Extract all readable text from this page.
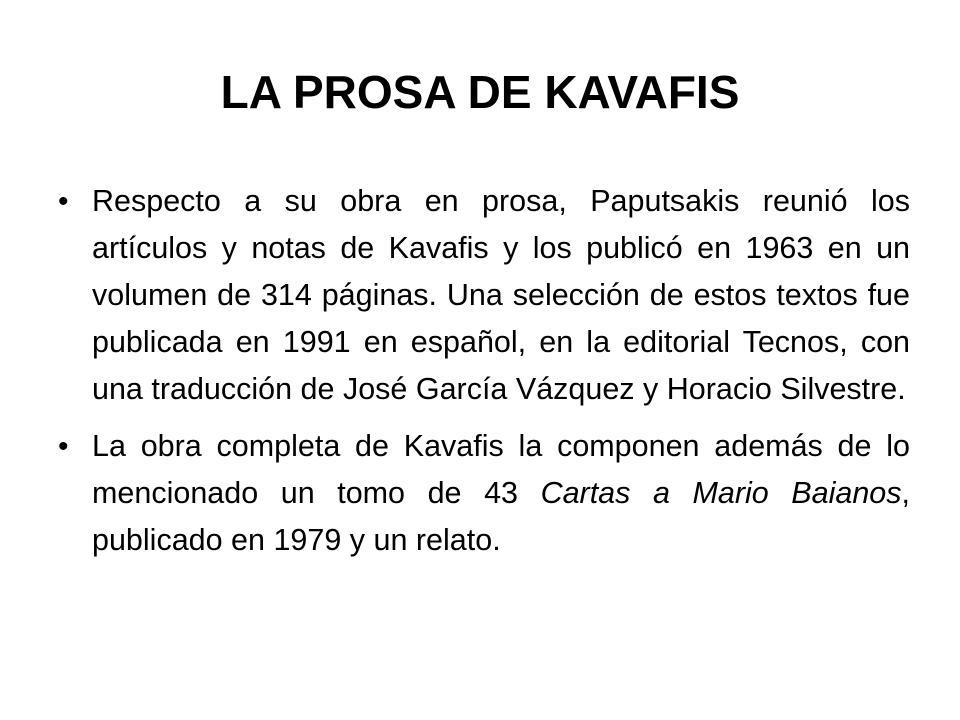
LA PROSA DE KAVAFIS
• Respecto a su obra en prosa, Paputsakis reunió los artículos y notas de Kavafis y los publicó en 1963 en un volumen de 314 páginas. Una selección de estos textos fue publicada en 1991 en español, en la editorial Tecnos, con una traducción de José García Vázquez y Horacio Silvestre.
• La obra completa de Kavafis la componen además de lo mencionado un tomo de 43 Cartas a Mario Baianos, publicado en 1979 y un relato.
